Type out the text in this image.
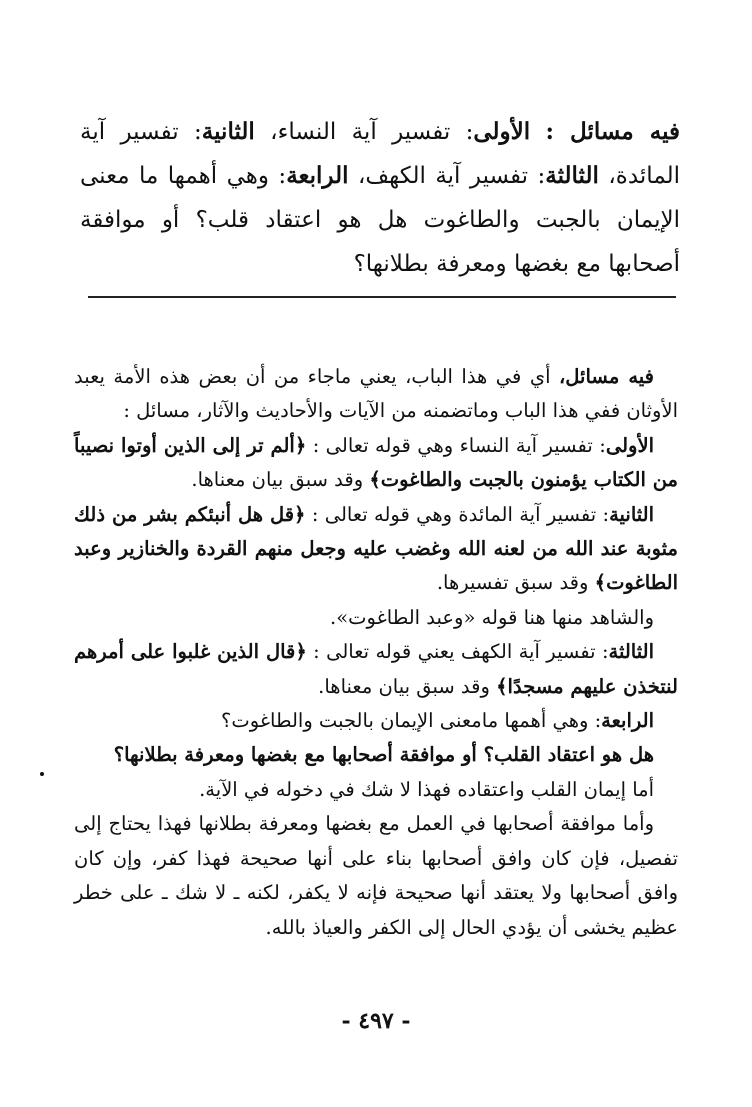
فيه مسائل : الأولى: تفسير آية النساء، الثانية: تفسير آية المائدة، الثالثة: تفسير آية الكهف، الرابعة: وهي أهمها ما معنى الإيمان بالجبت والطاغوت هل هو اعتقاد قلب؟ أو موافقة أصحابها مع بغضها ومعرفة بطلانها؟

فيه مسائل، أي في هذا الباب، يعني ماجاء من أن بعض هذه الأمة يعبد الأوثان ففي هذا الباب وماتضمنه من الآيات والأحاديث والآثار، مسائل :

الأولى: تفسير آية النساء وهي قوله تعالى : ﴿ألم تر إلى الذين أوتوا نصيباً من الكتاب يؤمنون بالجبت والطاغوت﴾ وقد سبق بيان معناها.

الثانية: تفسير آية المائدة وهي قوله تعالى : ﴿قل هل أنبئكم بشر من ذلك مثوبة عند الله من لعنه الله وغضب عليه وجعل منهم القردة والخنازير وعبد الطاغوت﴾ وقد سبق تفسيرها.

والشاهد منها هنا قوله «وعبد الطاغوت».

الثالثة: تفسير آية الكهف يعني قوله تعالى : ﴿قال الذين غلبوا على أمرهم لنتخذن عليهم مسجدًا﴾ وقد سبق بيان معناها.

الرابعة: وهي أهمها مامعنى الإيمان بالجبت والطاغوت؟

هل هو اعتقاد القلب؟ أو موافقة أصحابها مع بغضها ومعرفة بطلانها؟

أما إيمان القلب واعتقاده فهذا لا شك في دخوله في الآية.

وأما موافقة أصحابها في العمل مع بغضها ومعرفة بطلانها فهذا يحتاج إلى تفصيل، فإن كان وافق أصحابها بناء على أنها صحيحة فهذا كفر، وإن كان وافق أصحابها ولا يعتقد أنها صحيحة فإنه لا يكفر، لكنه ـ لا شك ـ على خطر عظيم يخشى أن يؤدي الحال إلى الكفر والعياذ بالله.

- ٤٩٧ -
